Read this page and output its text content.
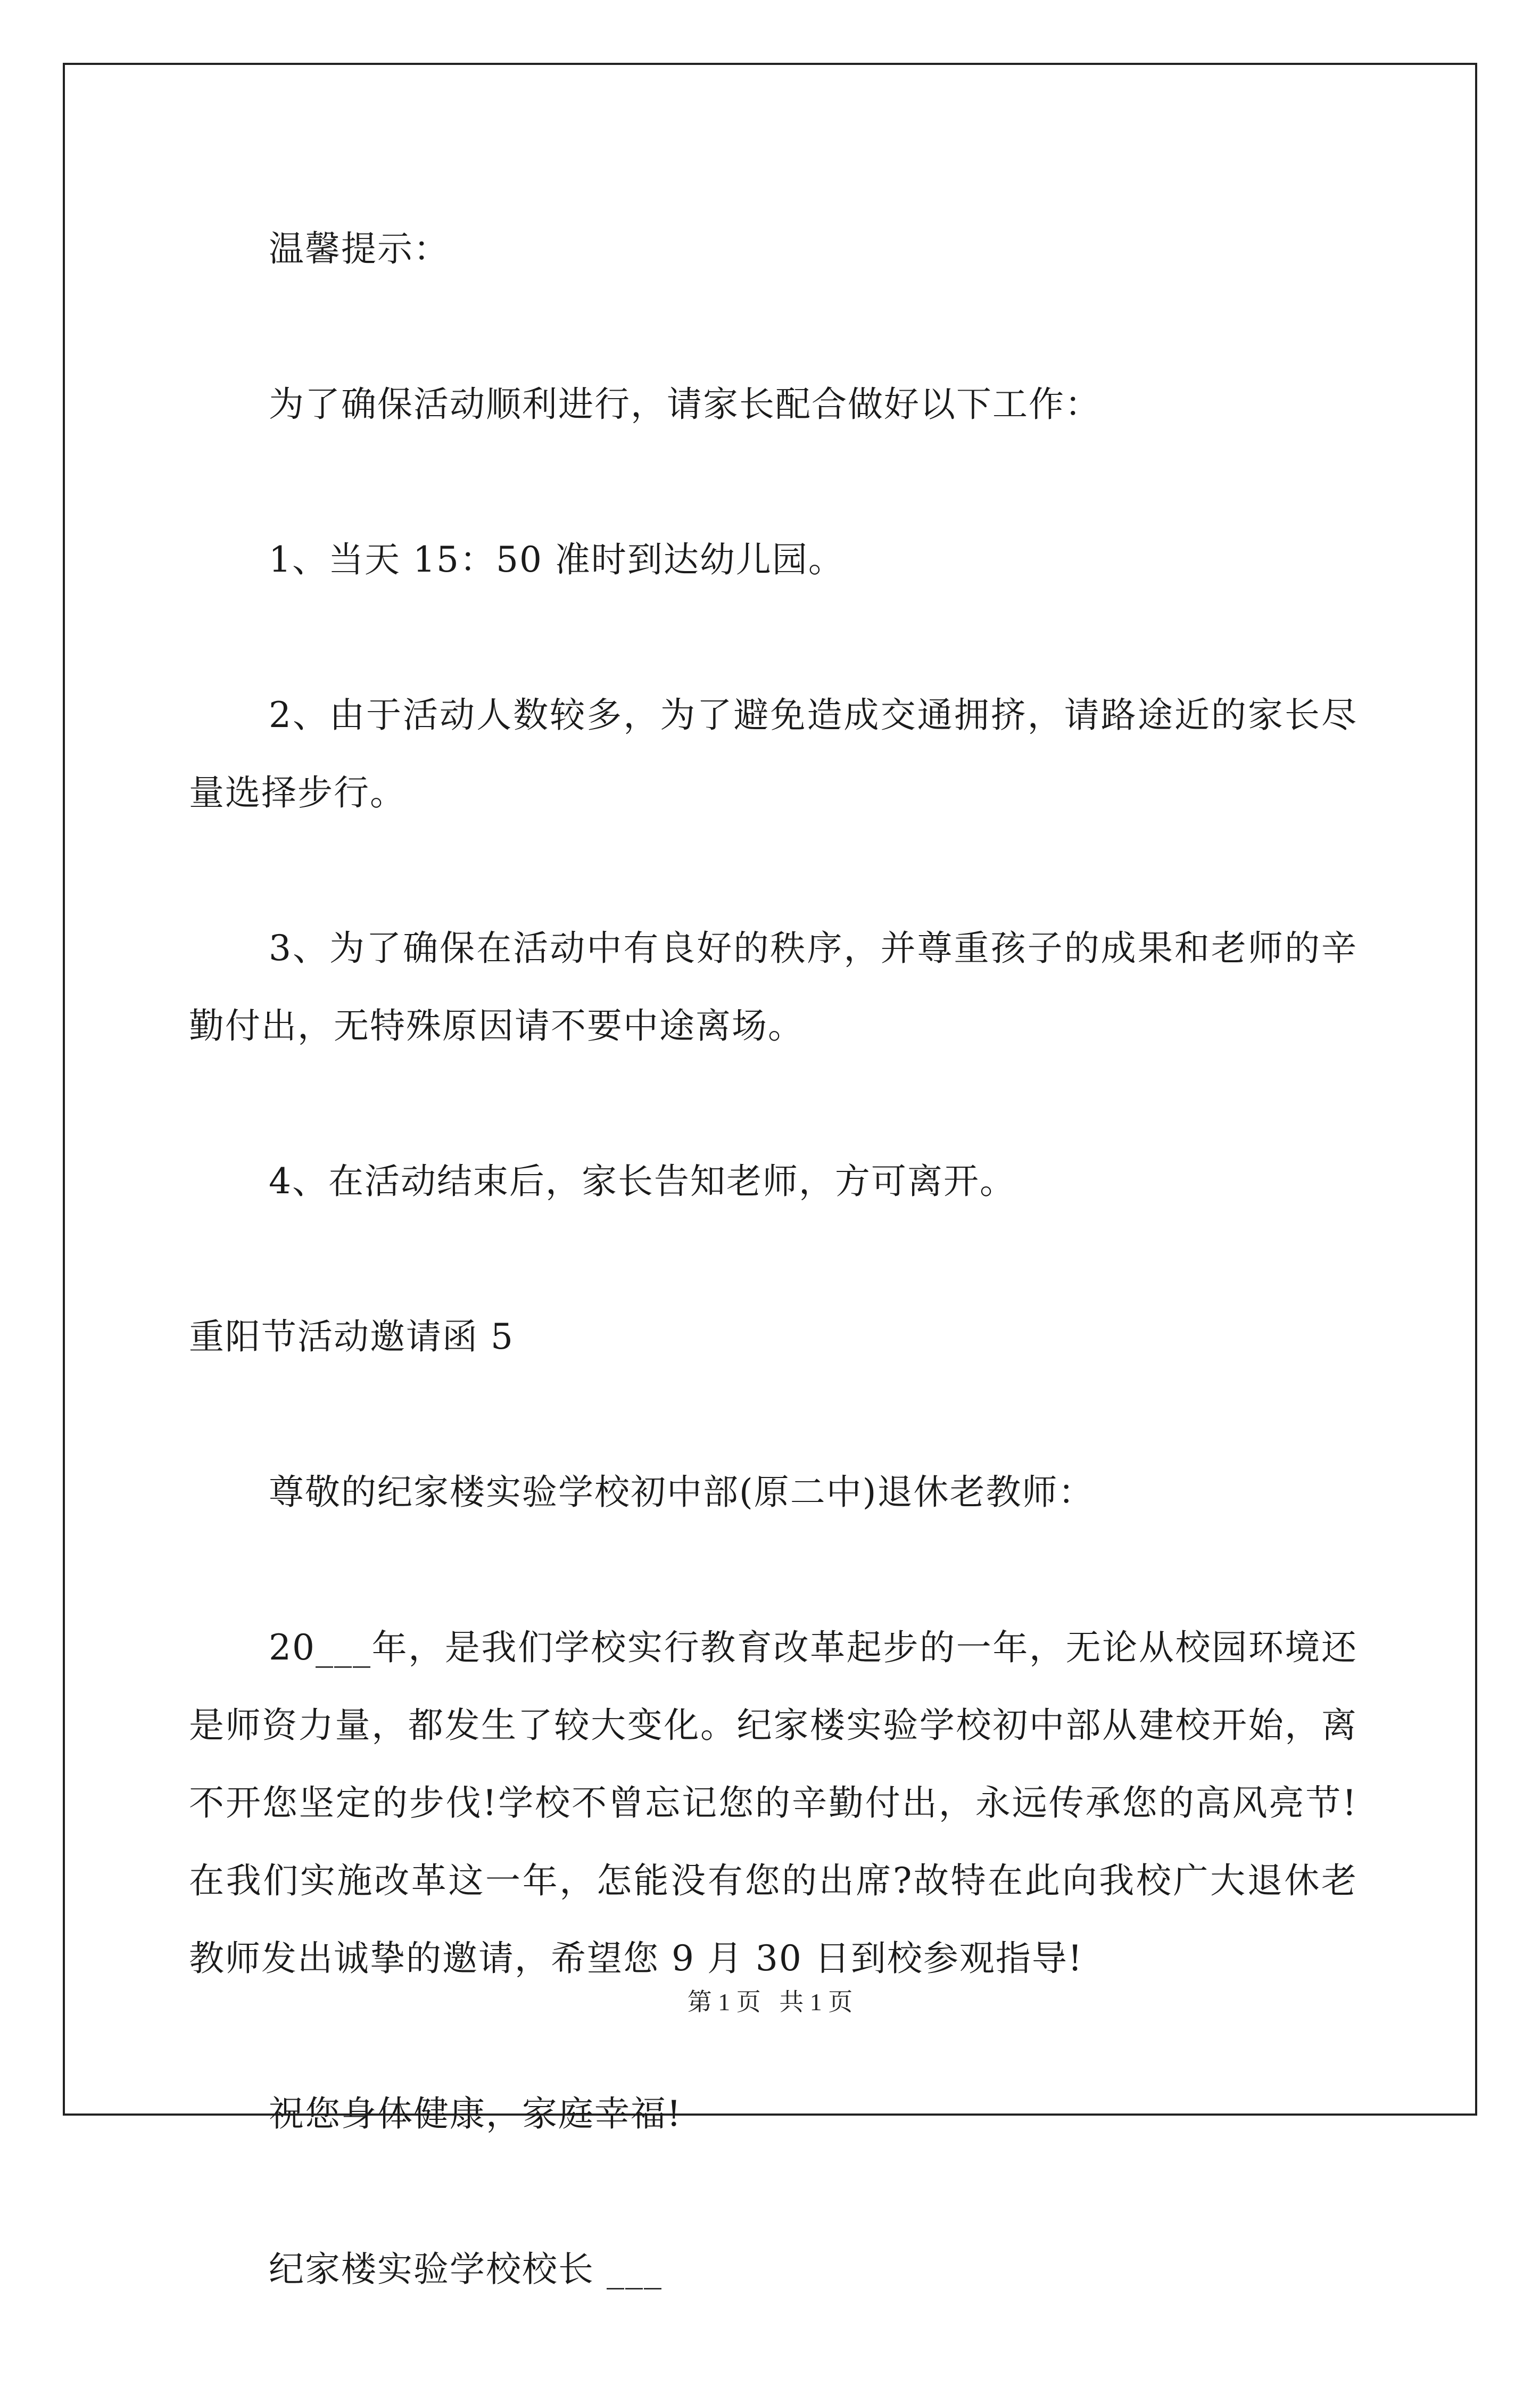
温馨提示：

为了确保活动顺利进行，请家长配合做好以下工作：

1、当天 15：50 准时到达幼儿园。

2、由于活动人数较多，为了避免造成交通拥挤，请路途近的家长尽量选择步行。

3、为了确保在活动中有良好的秩序，并尊重孩子的成果和老师的辛勤付出，无特殊原因请不要中途离场。

4、在活动结束后，家长告知老师，方可离开。

重阳节活动邀请函 5

尊敬的纪家楼实验学校初中部(原二中)退休老教师：

20___年，是我们学校实行教育改革起步的一年，无论从校园环境还是师资力量，都发生了较大变化。纪家楼实验学校初中部从建校开始，离不开您坚定的步伐!学校不曾忘记您的辛勤付出，永远传承您的高风亮节!在我们实施改革这一年，怎能没有您的出席?故特在此向我校广大退休老教师发出诚挚的邀请，希望您 9 月 30 日到校参观指导!

祝您身体健康，家庭幸福!

纪家楼实验学校校长 ___

第 1 页 共 1 页
